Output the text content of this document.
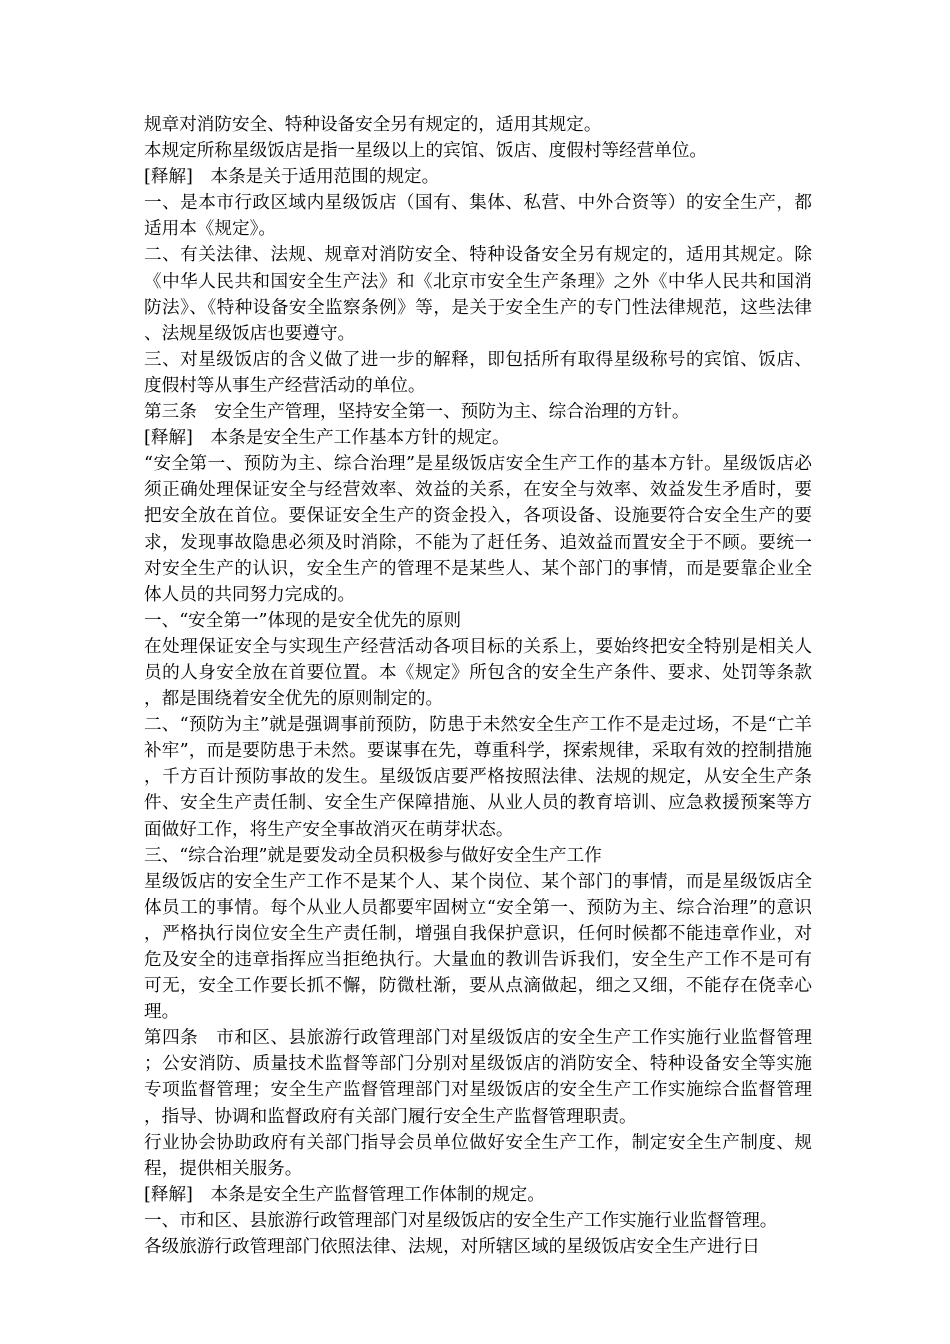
规章对消防安全、特种设备安全另有规定的，适用其规定。

本规定所称星级饭店是指一星级以上的宾馆、饭店、度假村等经营单位。

[释解]　本条是关于适用范围的规定。

一、是本市行政区域内星级饭店（国有、集体、私营、中外合资等）的安全生产，都适用本《规定》。

二、有关法律、法规、规章对消防安全、特种设备安全另有规定的，适用其规定。除《中华人民共和国安全生产法》和《北京市安全生产条理》之外《中华人民共和国消防法》、《特种设备安全监察条例》等，是关于安全生产的专门性法律规范，这些法律、法规星级饭店也要遵守。

三、对星级饭店的含义做了进一步的解释，即包括所有取得星级称号的宾馆、饭店、度假村等从事生产经营活动的单位。

第三条　安全生产管理，坚持安全第一、预防为主、综合治理的方针。

[释解]　本条是安全生产工作基本方针的规定。

“安全第一、预防为主、综合治理”是星级饭店安全生产工作的基本方针。星级饭店必须正确处理保证安全与经营效率、效益的关系，在安全与效率、效益发生矛盾时，要把安全放在首位。要保证安全生产的资金投入，各项设备、设施要符合安全生产的要求，发现事故隐患必须及时消除，不能为了赶任务、追效益而置安全于不顾。要统一对安全生产的认识，安全生产的管理不是某些人、某个部门的事情，而是要靠企业全体人员的共同努力完成的。

一、“安全第一”体现的是安全优先的原则

在处理保证安全与实现生产经营活动各项目标的关系上，要始终把安全特别是相关人员的人身安全放在首要位置。本《规定》所包含的安全生产条件、要求、处罚等条款，都是围绕着安全优先的原则制定的。

二、“预防为主”就是强调事前预防，防患于未然安全生产工作不是走过场，不是“亡羊补牢”，而是要防患于未然。要谋事在先，尊重科学，探索规律，采取有效的控制措施，千方百计预防事故的发生。星级饭店要严格按照法律、法规的规定，从安全生产条件、安全生产责任制、安全生产保障措施、从业人员的教育培训、应急救援预案等方面做好工作，将生产安全事故消灭在萌芽状态。

三、“综合治理”就是要发动全员积极参与做好安全生产工作

星级饭店的安全生产工作不是某个人、某个岗位、某个部门的事情，而是星级饭店全体员工的事情。每个从业人员都要牢固树立“安全第一、预防为主、综合治理”的意识，严格执行岗位安全生产责任制，增强自我保护意识，任何时候都不能违章作业，对危及安全的违章指挥应当拒绝执行。大量血的教训告诉我们，安全生产工作不是可有可无，安全工作要长抓不懈，防微杜渐，要从点滴做起，细之又细，不能存在侥幸心理。

第四条　市和区、县旅游行政管理部门对星级饭店的安全生产工作实施行业监督管理；公安消防、质量技术监督等部门分别对星级饭店的消防安全、特种设备安全等实施专项监督管理；安全生产监督管理部门对星级饭店的安全生产工作实施综合监督管理，指导、协调和监督政府有关部门履行安全生产监督管理职责。

行业协会协助政府有关部门指导会员单位做好安全生产工作，制定安全生产制度、规程，提供相关服务。

[释解]　本条是安全生产监督管理工作体制的规定。

一、市和区、县旅游行政管理部门对星级饭店的安全生产工作实施行业监督管理。

各级旅游行政管理部门依照法律、法规，对所辖区域的星级饭店安全生产进行日
